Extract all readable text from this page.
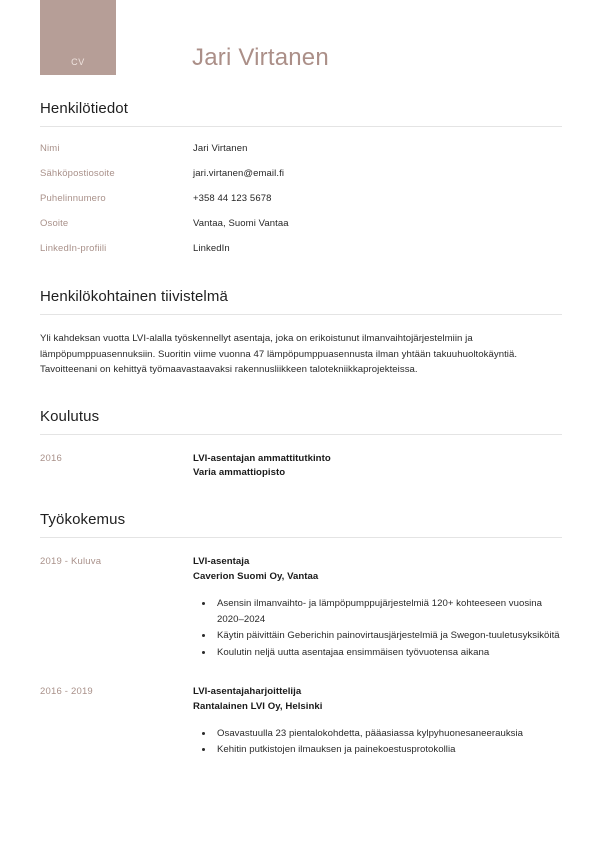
CV	Jari Virtanen
Henkilötiedot
Nimi	Jari Virtanen
Sähköpostiosoite	jari.virtanen@email.fi
Puhelinnumero	+358 44 123 5678
Osoite	Vantaa, Suomi Vantaa
LinkedIn-profiili	LinkedIn
Henkilökohtainen tiivistelmä

Yli kahdeksan vuotta LVI-alalla työskennellyt asentaja, joka on erikoistunut ilmanvaihtojärjestelmiin ja lämpöpumppuasennuksiin. Suoritin viime vuonna 47 lämpöpumppuasennusta ilman yhtään takuuhuoltokäyntiä. Tavoitteenani on kehittyä työmaavastaavaksi rakennusliikkeen talotekniikkaprojekteissa.

Koulutus
2016	LVI-asentajan ammattitutkinto
Varia ammattiopisto
Työkokemus
2019 - Kuluva	LVI-asentaja
Caverion Suomi Oy, Vantaa
• Asensin ilmanvaihto- ja lämpöpumppujärjestelmiä 120+ kohteeseen vuosina 2020–2024
• Käytin päivittäin Geberichin painovirtausjärjestelmiä ja Swegon-tuuletusyksiköitä
• Koulutin neljä uutta asentajaa ensimmäisen työvuotensa aikana
2016 - 2019	LVI-asentajaharjoittelija
Rantalainen LVI Oy, Helsinki
• Osavastuulla 23 pientalokohdetta, pääasiassa kylpyhuonesaneerauksia
• Kehitin putkistojen ilmauksen ja painekoestusprotokollia
